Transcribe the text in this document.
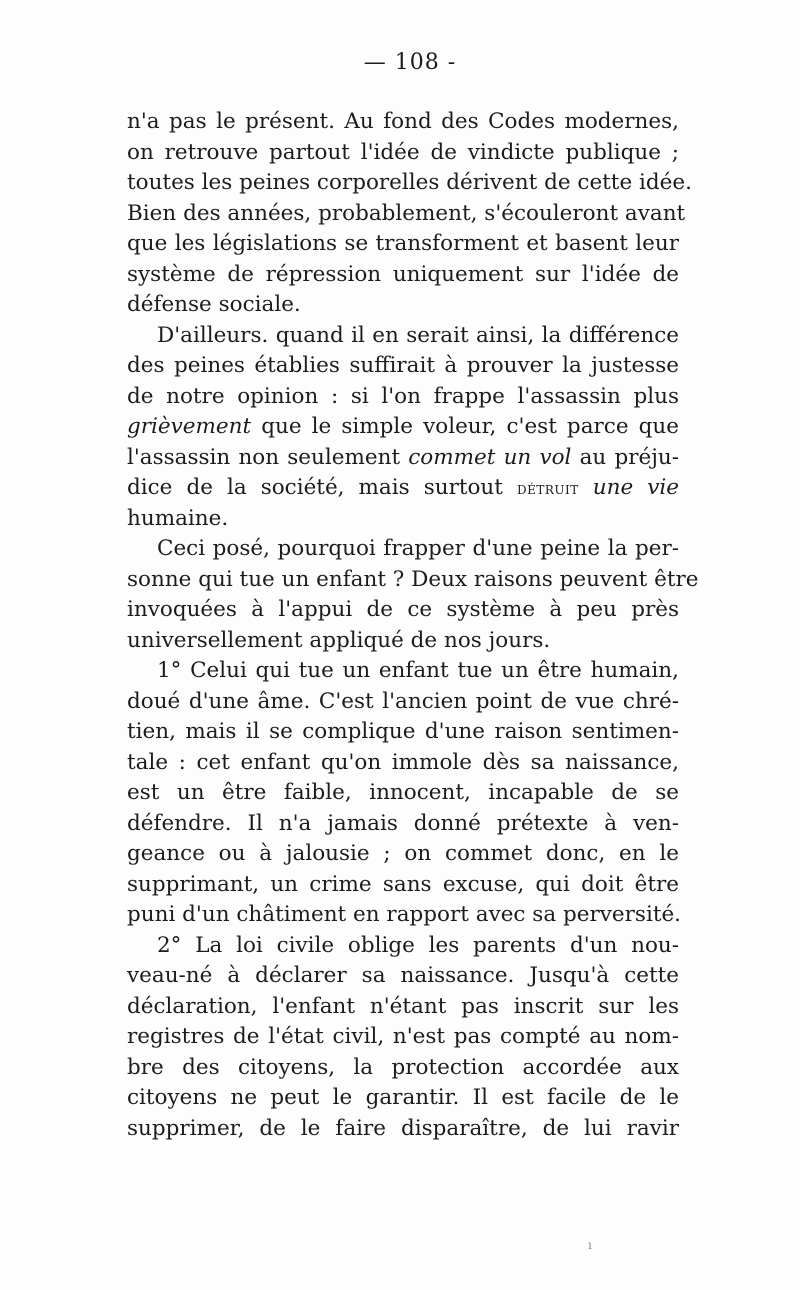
— 108 -
n'a pas le présent. Au fond des Codes modernes,
on retrouve partout l'idée de vindicte publique ;
toutes les peines corporelles dérivent de cette idée.
Bien des années, probablement, s'écouleront avant
que les législations se transforment et basent leur
système de répression uniquement sur l'idée de
défense sociale.
D'ailleurs. quand il en serait ainsi, la différence
des peines établies suffirait à prouver la justesse
de notre opinion : si l'on frappe l'assassin plus
grièvement que le simple voleur, c'est parce que
l'assassin non seulement commet un vol au préju-
dice de la société, mais surtout détruit une vie
humaine.
Ceci posé, pourquoi frapper d'une peine la per-
sonne qui tue un enfant ? Deux raisons peuvent être
invoquées à l'appui de ce système à peu près
universellement appliqué de nos jours.
1° Celui qui tue un enfant tue un être humain,
doué d'une âme. C'est l'ancien point de vue chré-
tien, mais il se complique d'une raison sentimen-
tale : cet enfant qu'on immole dès sa naissance,
est un être faible, innocent, incapable de se
défendre. Il n'a jamais donné prétexte à ven-
geance ou à jalousie ; on commet donc, en le
supprimant, un crime sans excuse, qui doit être
puni d'un châtiment en rapport avec sa perversité.
2° La loi civile oblige les parents d'un nou-
veau-né à déclarer sa naissance. Jusqu'à cette
déclaration, l'enfant n'étant pas inscrit sur les
registres de l'état civil, n'est pas compté au nom-
bre des citoyens, la protection accordée aux
citoyens ne peut le garantir. Il est facile de le
supprimer, de le faire disparaître, de lui ravir
ı
